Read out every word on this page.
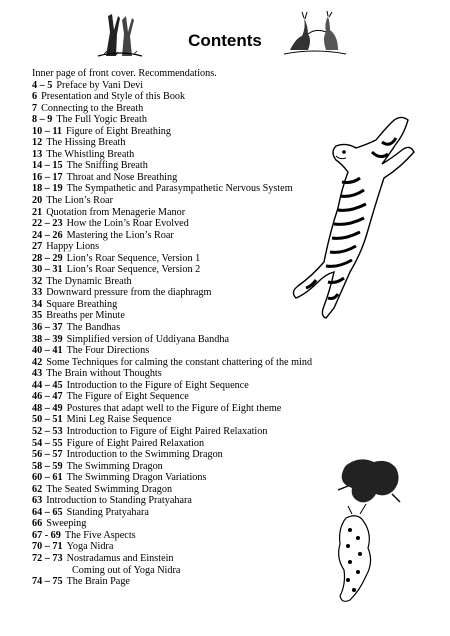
Contents
Inner page of front cover. Recommendations.
4 – 5 Preface by Vani Devi
6 Presentation and Style of this Book
7 Connecting to the Breath
8 – 9 The Full Yogic Breath
10 – 11 Figure of Eight Breathing
12 The Hissing Breath
13 The Whistling Breath
14 – 15 The Sniffing Breath
16 – 17 Throat and Nose Breathing
18 – 19 The Sympathetic and Parasympathetic Nervous System
20 The Lion’s Roar
21 Quotation from Menagerie Manor
22 – 23 How the Loin’s Roar Evolved
24 – 26 Mastering the Lion’s Roar
27 Happy Lions
28 – 29 Lion’s Roar Sequence, Version 1
30 – 31 Lion’s Roar Sequence, Version 2
32 The Dynamic Breath
33 Downward pressure from the diaphragm
34 Square Breathing
35 Breaths per Minute
36 – 37 The Bandhas
38 – 39 Simplified version of Uddiyana Bandha
40 – 41 The Four Directions
42 Some Techniques for calming the constant chattering of the mind
43 The Brain without Thoughts
44 – 45 Introduction to the Figure of Eight Sequence
46 – 47 The Figure of Eight Sequence
48 – 49 Postures that adapt well to the Figure of Eight theme
50 – 51 Mini Leg Raise Sequence
52 – 53 Introduction to Figure of Eight Paired Relaxation
54 – 55 Figure of Eight Paired Relaxation
56 – 57 Introduction to the Swimming Dragon
58 – 59 The Swimming Dragon
60 – 61 The Swimming Dragon Variations
62 The Seated Swimming Dragon
63 Introduction to Standing Pratyahara
64 – 65 Standing Pratyahara
66 Sweeping
67 - 69 The Five Aspects
70 – 71 Yoga Nidra
72 – 73 Nostradamus and Einstein
Coming out of Yoga Nidra
74 – 75 The Brain Page
